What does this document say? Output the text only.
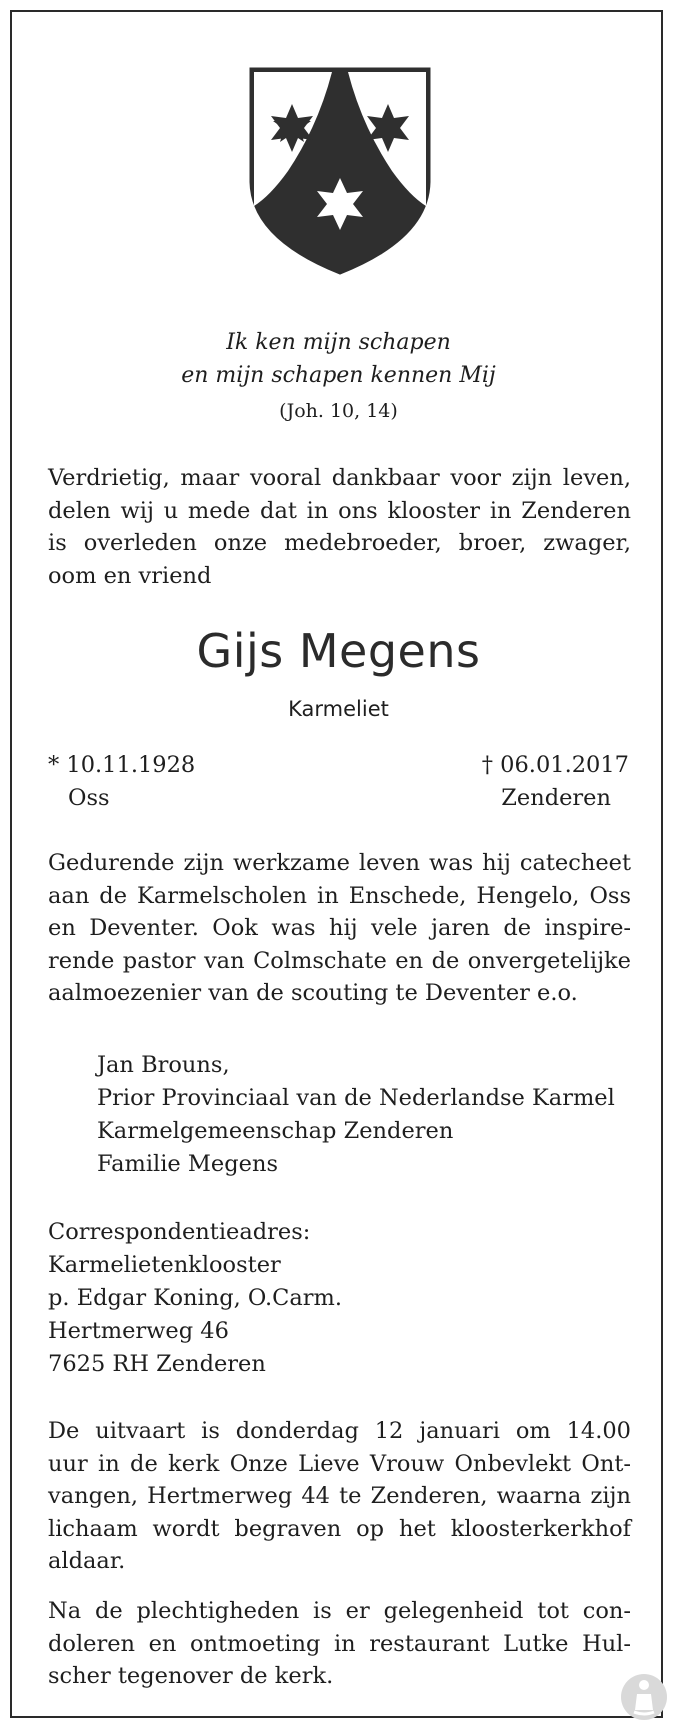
Ik ken mijn schapen
en mijn schapen kennen Mij
(Joh. 10, 14)
Verdrietig, maar vooral dankbaar voor zijn leven,
delen wij u mede dat in ons klooster in Zenderen
is overleden onze medebroeder, broer, zwager,
oom en vriend
Gijs Megens
Karmeliet
* 10.11.1928
Oss
† 06.01.2017
Zenderen
Gedurende zijn werkzame leven was hij catecheet
aan de Karmelscholen in Enschede, Hengelo, Oss
en Deventer. Ook was hij vele jaren de inspire-
rende pastor van Colmschate en de onvergetelijke
aalmoezenier van de scouting te Deventer e.o.
Jan Brouns,
Prior Provinciaal van de Nederlandse Karmel
Karmelgemeenschap Zenderen
Familie Megens
Correspondentieadres:
Karmelietenklooster
p. Edgar Koning, O.Carm.
Hertmerweg 46
7625 RH Zenderen
De uitvaart is donderdag 12 januari om 14.00
uur in de kerk Onze Lieve Vrouw Onbevlekt Ont-
vangen, Hertmerweg 44 te Zenderen, waarna zijn
lichaam wordt begraven op het kloosterkerkhof
aldaar.
Na de plechtigheden is er gelegenheid tot con-
doleren en ontmoeting in restaurant Lutke Hul-
scher tegenover de kerk.
